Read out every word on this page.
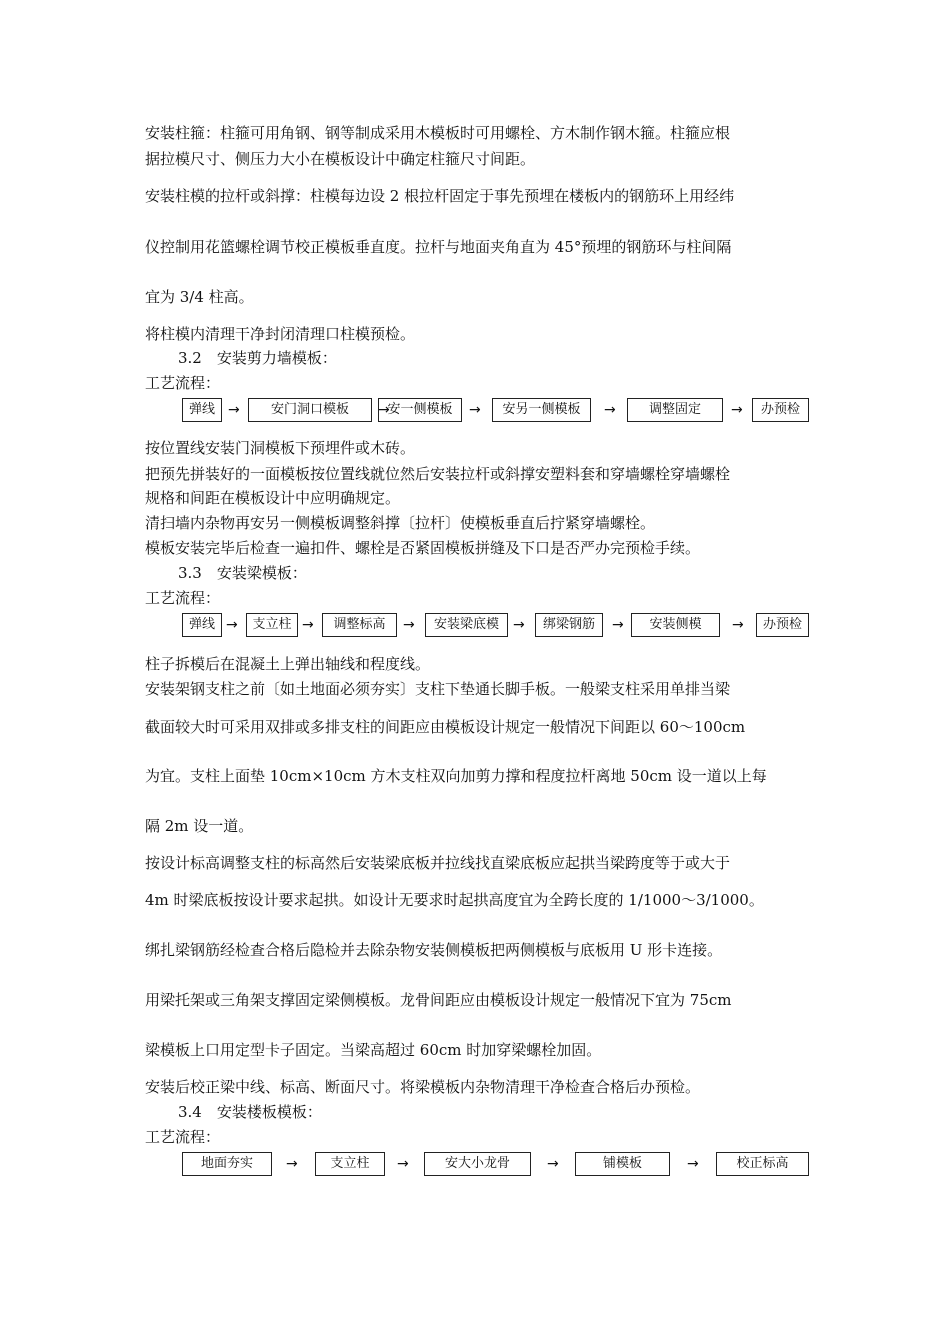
安装柱箍：柱箍可用角钢、钢等制成采用木模板时可用螺栓、方木制作钢木箍。柱箍应根
据拉模尺寸、侧压力大小在模板设计中确定柱箍尺寸间距。
安装柱模的拉杆或斜撑：柱模每边设 2 根拉杆固定于事先预埋在楼板内的钢筋环上用经纬
仪控制用花篮螺栓调节校正模板垂直度。拉杆与地面夹角直为 45°预埋的钢筋环与柱间隔
宜为 3/4 柱高。
将柱模内清理干净封闭清理口柱模预检。
3.2　安装剪力墙模板：
工艺流程：
弹线 →	安门洞口模板	→
安一侧模板	→	安另一侧模板	→	调整固定	→	办预检
按位置线安装门洞模板下预埋件或木砖。
把预先拼装好的一面模板按位置线就位然后安装拉杆或斜撑安塑料套和穿墙螺栓穿墙螺栓
规格和间距在模板设计中应明确规定。
清扫墙内杂物再安另一侧模板调整斜撑〔拉杆〕使模板垂直后拧紧穿墙螺栓。
模板安装完毕后检查一遍扣件、螺栓是否紧固模板拼缝及下口是否严办完预检手续。
3.3　安装梁模板：
工艺流程：
弹线 →	支立柱 →	调整标高	→	安装梁底模	→	绑梁钢筋	→	安装侧模	→	办预检
柱子拆模后在混凝土上弹出轴线和程度线。
安装架钢支柱之前〔如土地面必须夯实〕支柱下垫通长脚手板。一般梁支柱采用单排当梁
截面较大时可采用双排或多排支柱的间距应由模板设计规定一般情况下间距以 60～100cm
为宜。支柱上面垫 10cm×10cm 方木支柱双向加剪力撑和程度拉杆离地 50cm 设一道以上每
隔 2m 设一道。
按设计标高调整支柱的标高然后安装梁底板并拉线找直梁底板应起拱当梁跨度等于或大于
4m 时梁底板按设计要求起拱。如设计无要求时起拱高度宜为全跨长度的 1/1000～3/1000。
绑扎梁钢筋经检查合格后隐检并去除杂物安装侧模板把两侧模板与底板用 U 形卡连接。
用梁托架或三角架支撑固定梁侧模板。龙骨间距应由模板设计规定一般情况下宜为 75cm
梁模板上口用定型卡子固定。当梁高超过 60cm 时加穿梁螺栓加固。
安装后校正梁中线、标高、断面尺寸。将梁模板内杂物清理干净检查合格后办预检。
3.4　安装楼板模板：
工艺流程：
地面夯实	→	支立柱	→	安大小龙骨	→	铺模板	→	校正标高
